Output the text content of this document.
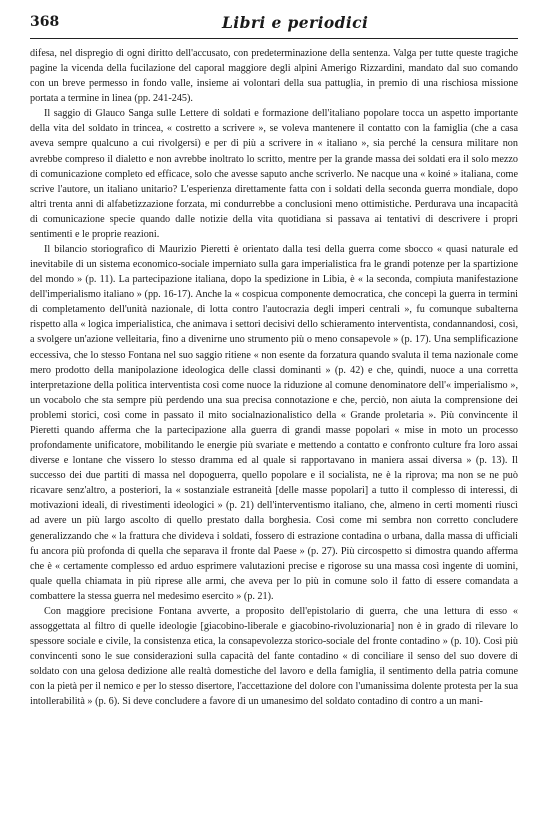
368	Libri e periodici

difesa, nel dispregio di ogni diritto dell'accusato, con predeterminazione della sentenza. Valga per tutte queste tragiche pagine la vicenda della fucilazione del caporal maggiore degli alpini Amerigo Rizzardini, mandato dal suo comando con un breve permesso in fondo valle, insieme ai volontari della sua pattuglia, in premio di una rischiosa missione portata a termine in linea (pp. 241-245).

Il saggio di Glauco Sanga sulle Lettere di soldati e formazione dell'italiano popolare tocca un aspetto importante della vita del soldato in trincea, « costretto a scrivere », se voleva mantenere il contatto con la famiglia (che a casa aveva sempre qualcuno a cui rivolgersi) e per di più a scrivere in « italiano », sia perché la censura militare non avrebbe compreso il dialetto e non avrebbe inoltrato lo scritto, mentre per la grande massa dei soldati era il solo mezzo di comunicazione completo ed efficace, solo che avesse saputo anche scriverlo. Ne nacque una « koiné » italiana, come scrive l'autore, un italiano unitario? L'esperienza direttamente fatta con i soldati della seconda guerra mondiale, dopo altri trenta anni di alfabetizzazione forzata, mi condurrebbe a conclusioni meno ottimistiche. Perdurava una incapacità di comunicazione specie quando dalle notizie della vita quotidiana si passava ai tentativi di descrivere i propri sentimenti e le proprie reazioni.

Il bilancio storiografico di Maurizio Pieretti è orientato dalla tesi della guerra come sbocco « quasi naturale ed inevitabile di un sistema economico-sociale imperniato sulla gara imperialistica fra le grandi potenze per la spartizione del mondo » (p. 11). La partecipazione italiana, dopo la spedizione in Libia, è « la seconda, compiuta manifestazione dell'imperialismo italiano » (pp. 16-17). Anche la « cospicua componente democratica, che concepì la guerra in termini di completamento dell'unità nazionale, di lotta contro l'autocrazia degli imperi centrali », fu comunque subalterna rispetto alla « logica imperialistica, che animava i settori decisivi dello schieramento interventista, condannandosi, così, a svolgere un'azione velleitaria, fino a divenirne uno strumento più o meno consapevole » (p. 17). Una semplificazione eccessiva, che lo stesso Fontana nel suo saggio ritiene « non esente da forzatura quando svaluta il tema nazionale come mero prodotto della manipolazione ideologica delle classi dominanti » (p. 42) e che, quindi, nuoce a una corretta interpretazione della politica interventista così come nuoce la riduzione al comune denominatore dell'« imperialismo », un vocabolo che sta sempre più perdendo una sua precisa connotazione e che, perciò, non aiuta la comprensione dei problemi storici, così come in passato il mito socialnazionalistico della « Grande proletaria ». Più convincente il Pieretti quando afferma che la partecipazione alla guerra di grandi masse popolari « mise in moto un processo profondamente unificatore, mobilitando le energie più svariate e mettendo a contatto e confronto culture fra loro assai diverse e lontane che vissero lo stesso dramma ed al quale si rapportavano in maniera assai diversa » (p. 13). Il successo dei due partiti di massa nel dopoguerra, quello popolare e il socialista, ne è la riprova; ma non se ne può ricavare senz'altro, a posteriori, la « sostanziale estraneità [delle masse popolari] a tutto il complesso di interessi, di motivazioni ideali, di rivestimenti ideologici » (p. 21) dell'interventismo italiano, che, almeno in certi momenti riuscì ad avere un più largo ascolto di quello prestato dalla borghesia. Così come mi sembra non corretto concludere generalizzando che « la frattura che divideva i soldati, fossero di estrazione contadina o urbana, dalla massa di ufficiali fu ancora più profonda di quella che separava il fronte dal Paese » (p. 27). Più circospetto si dimostra quando afferma che è « certamente complesso ed arduo esprimere valutazioni precise e rigorose su una massa così ingente di uomini, quale quella chiamata in più riprese alle armi, che aveva per lo più in comune solo il fatto di essere comandata a combattere la stessa guerra nel medesimo esercito » (p. 21).

Con maggiore precisione Fontana avverte, a proposito dell'epistolario di guerra, che una lettura di esso « assoggettata al filtro di quelle ideologie [giacobino-liberale e giacobino-rivoluzionaria] non è in grado di rilevare lo spessore sociale e civile, la consistenza etica, la consapevolezza storico-sociale del fronte contadino » (p. 10). Così più convincenti sono le sue considerazioni sulla capacità del fante contadino « di conciliare il senso del suo dovere di soldato con una gelosa dedizione alle realtà domestiche del lavoro e della famiglia, il sentimento della patria comune con la pietà per il nemico e per lo stesso disertore, l'accettazione del dolore con l'umanissima dolente protesta per la sua intollerabilità » (p. 6). Si deve concludere a favore di un umanesimo del soldato contadino di contro a un mani-
